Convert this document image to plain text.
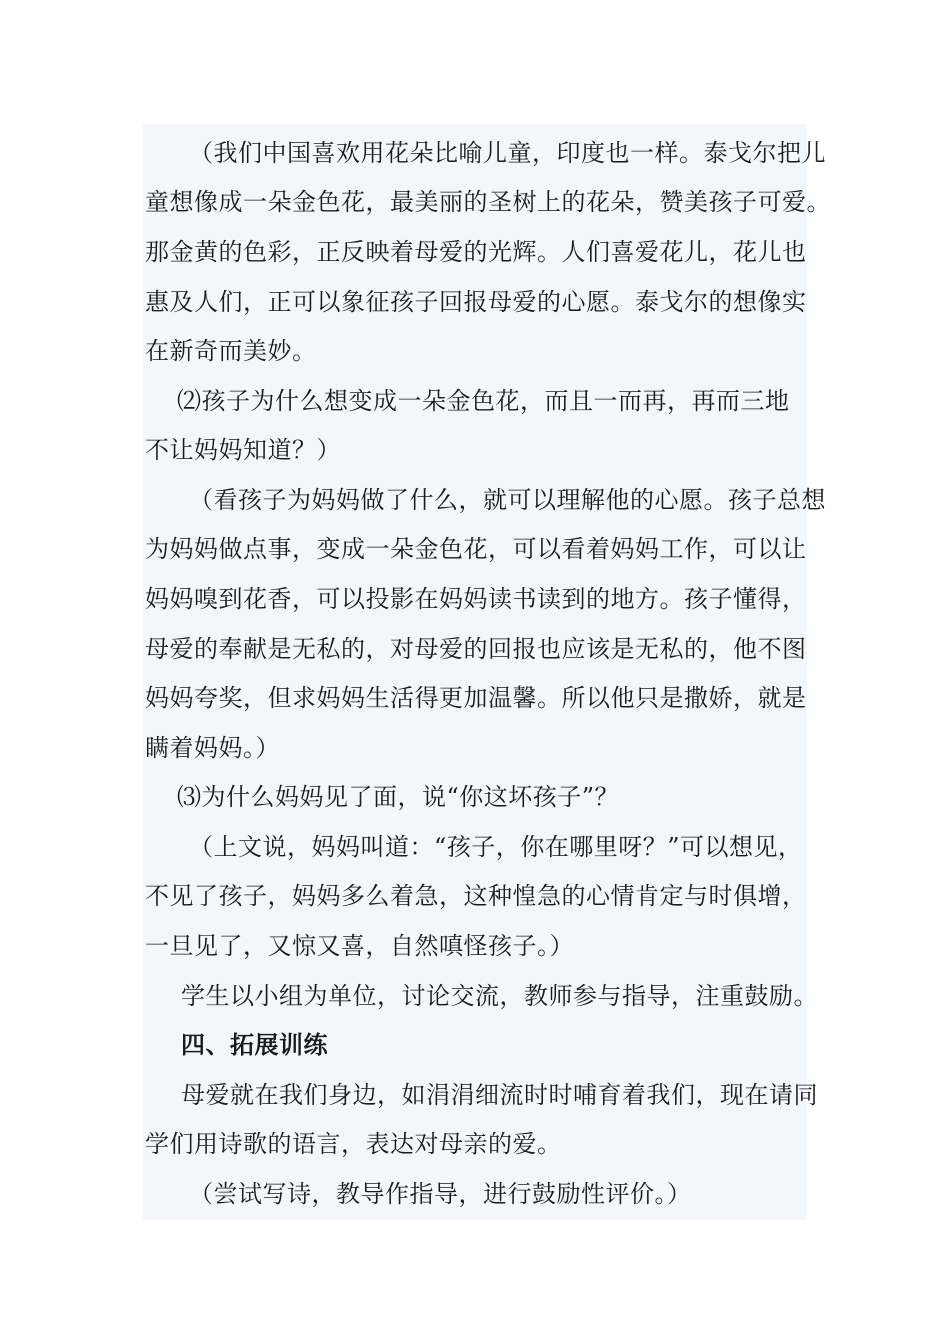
（我们中国喜欢用花朵比喻儿童，印度也一样。泰戈尔把儿
童想像成一朵金色花，最美丽的圣树上的花朵，赞美孩子可爱。
那金黄的色彩，正反映着母爱的光辉。人们喜爱花儿，花儿也
惠及人们，正可以象征孩子回报母爱的心愿。泰戈尔的想像实
在新奇而美妙。
⑵孩子为什么想变成一朵金色花，而且一而再，再而三地
不让妈妈知道？）
（看孩子为妈妈做了什么，就可以理解他的心愿。孩子总想
为妈妈做点事，变成一朵金色花，可以看着妈妈工作，可以让
妈妈嗅到花香，可以投影在妈妈读书读到的地方。孩子懂得，
母爱的奉献是无私的，对母爱的回报也应该是无私的，他不图
妈妈夸奖，但求妈妈生活得更加温馨。所以他只是撒娇，就是
瞒着妈妈。）
⑶为什么妈妈见了面，说“你这坏孩子”？
（上文说，妈妈叫道：“孩子，你在哪里呀？”可以想见，
不见了孩子，妈妈多么着急，这种惶急的心情肯定与时俱增，
一旦见了，又惊又喜，自然嗔怪孩子。）
学生以小组为单位，讨论交流，教师参与指导，注重鼓励。
四、拓展训练
母爱就在我们身边，如涓涓细流时时哺育着我们，现在请同
学们用诗歌的语言，表达对母亲的爱。
（尝试写诗，教导作指导，进行鼓励性评价。）
